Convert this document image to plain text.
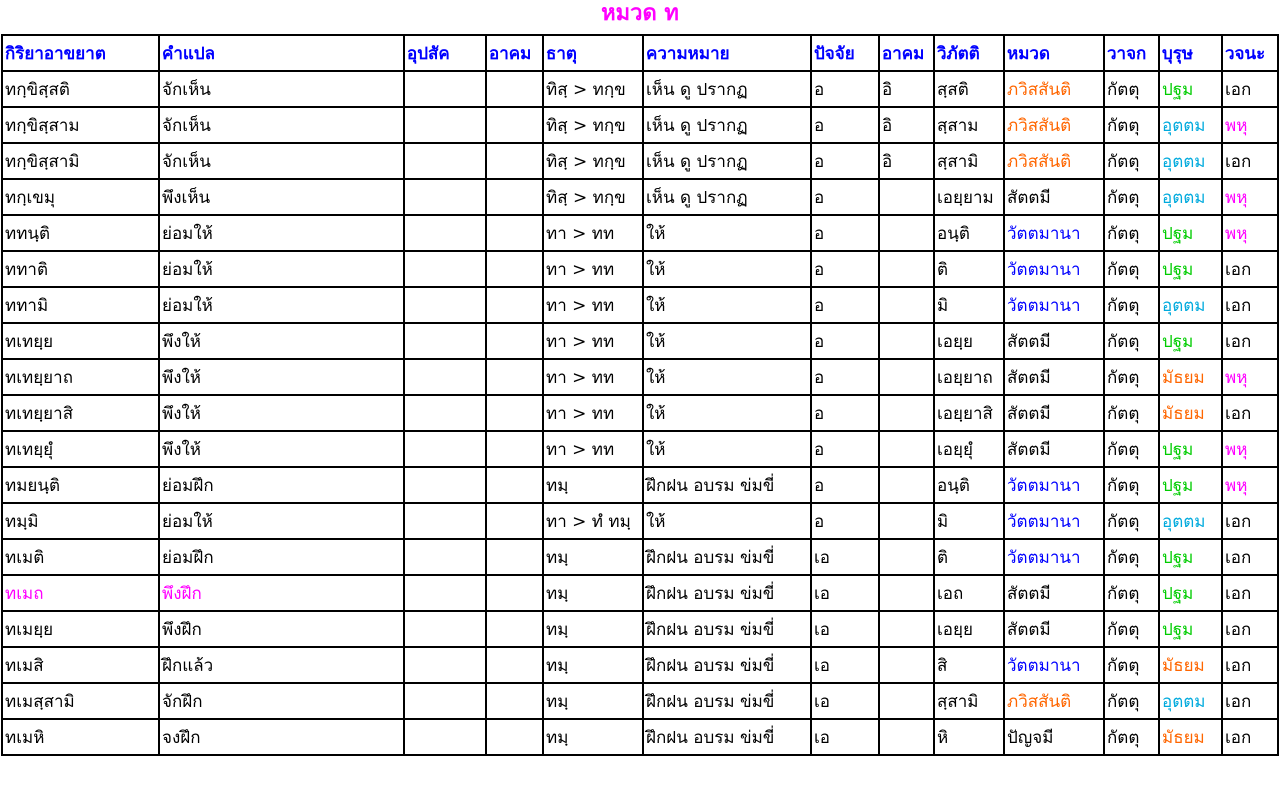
หมวด ท
กิริยาอาขยาต	คำแปล	อุปสัค	อาคม	ธาตุ	ความหมาย	ปัจจัย	อาคม	วิภัตติ	หมวด	วาจก	บุรุษ	วจนะ
ทกฺขิสฺสติ	จักเห็น			ทิสฺ > ทกฺข	เห็น ดู ปรากฏ	อ	อิ	สฺสติ	ภวิสสันติ	กัตตุ	ปฐม	เอก
ทกฺขิสฺสาม	จักเห็น			ทิสฺ > ทกฺข	เห็น ดู ปรากฏ	อ	อิ	สฺสาม	ภวิสสันติ	กัตตุ	อุตตม	พหุ
ทกฺขิสฺสามิ	จักเห็น			ทิสฺ > ทกฺข	เห็น ดู ปรากฏ	อ	อิ	สฺสามิ	ภวิสสันติ	กัตตุ	อุตตม	เอก
ทกฺเขมุ	พึงเห็น			ทิสฺ > ทกฺข	เห็น ดู ปรากฏ	อ		เอยฺยาม	สัตตมี	กัตตุ	อุตตม	พหุ
ททนฺติ	ย่อมให้			ทา > ทท	ให้	อ		อนฺติ	วัตตมานา	กัตตุ	ปฐม	พหุ
ททาติ	ย่อมให้			ทา > ทท	ให้	อ		ติ	วัตตมานา	กัตตุ	ปฐม	เอก
ททามิ	ย่อมให้			ทา > ทท	ให้	อ		มิ	วัตตมานา	กัตตุ	อุตตม	เอก
ทเทยฺย	พึงให้			ทา > ทท	ให้	อ		เอยฺย	สัตตมี	กัตตุ	ปฐม	เอก
ทเทยฺยาถ	พึงให้			ทา > ทท	ให้	อ		เอยฺยาถ	สัตตมี	กัตตุ	มัธยม	พหุ
ทเทยฺยาสิ	พึงให้			ทา > ทท	ให้	อ		เอยฺยาสิ	สัตตมี	กัตตุ	มัธยม	เอก
ทเทยฺยุํ	พึงให้			ทา > ทท	ให้	อ		เอยฺยุํ	สัตตมี	กัตตุ	ปฐม	พหุ
ทมยนฺติ	ย่อมฝึก			ทมฺ	ฝึกฝน อบรม ข่มขี่	อ		อนฺติ	วัตตมานา	กัตตุ	ปฐม	พหุ
ทมฺมิ	ย่อมให้			ทา > ทํ ทมฺ	ให้	อ		มิ	วัตตมานา	กัตตุ	อุตตม	เอก
ทเมติ	ย่อมฝึก			ทมฺ	ฝึกฝน อบรม ข่มขี่	เอ		ติ	วัตตมานา	กัตตุ	ปฐม	เอก
ทเมถ	พึงฝึก			ทมฺ	ฝึกฝน อบรม ข่มขี่	เอ		เอถ	สัตตมี	กัตตุ	ปฐม	เอก
ทเมยฺย	พึงฝึก			ทมฺ	ฝึกฝน อบรม ข่มขี่	เอ		เอยฺย	สัตตมี	กัตตุ	ปฐม	เอก
ทเมสิ	ฝึกแล้ว			ทมฺ	ฝึกฝน อบรม ข่มขี่	เอ		สิ	วัตตมานา	กัตตุ	มัธยม	เอก
ทเมสฺสามิ	จักฝึก			ทมฺ	ฝึกฝน อบรม ข่มขี่	เอ		สฺสามิ	ภวิสสันติ	กัตตุ	อุตตม	เอก
ทเมหิ	จงฝึก			ทมฺ	ฝึกฝน อบรม ข่มขี่	เอ		หิ	ปัญจมี	กัตตุ	มัธยม	เอก
